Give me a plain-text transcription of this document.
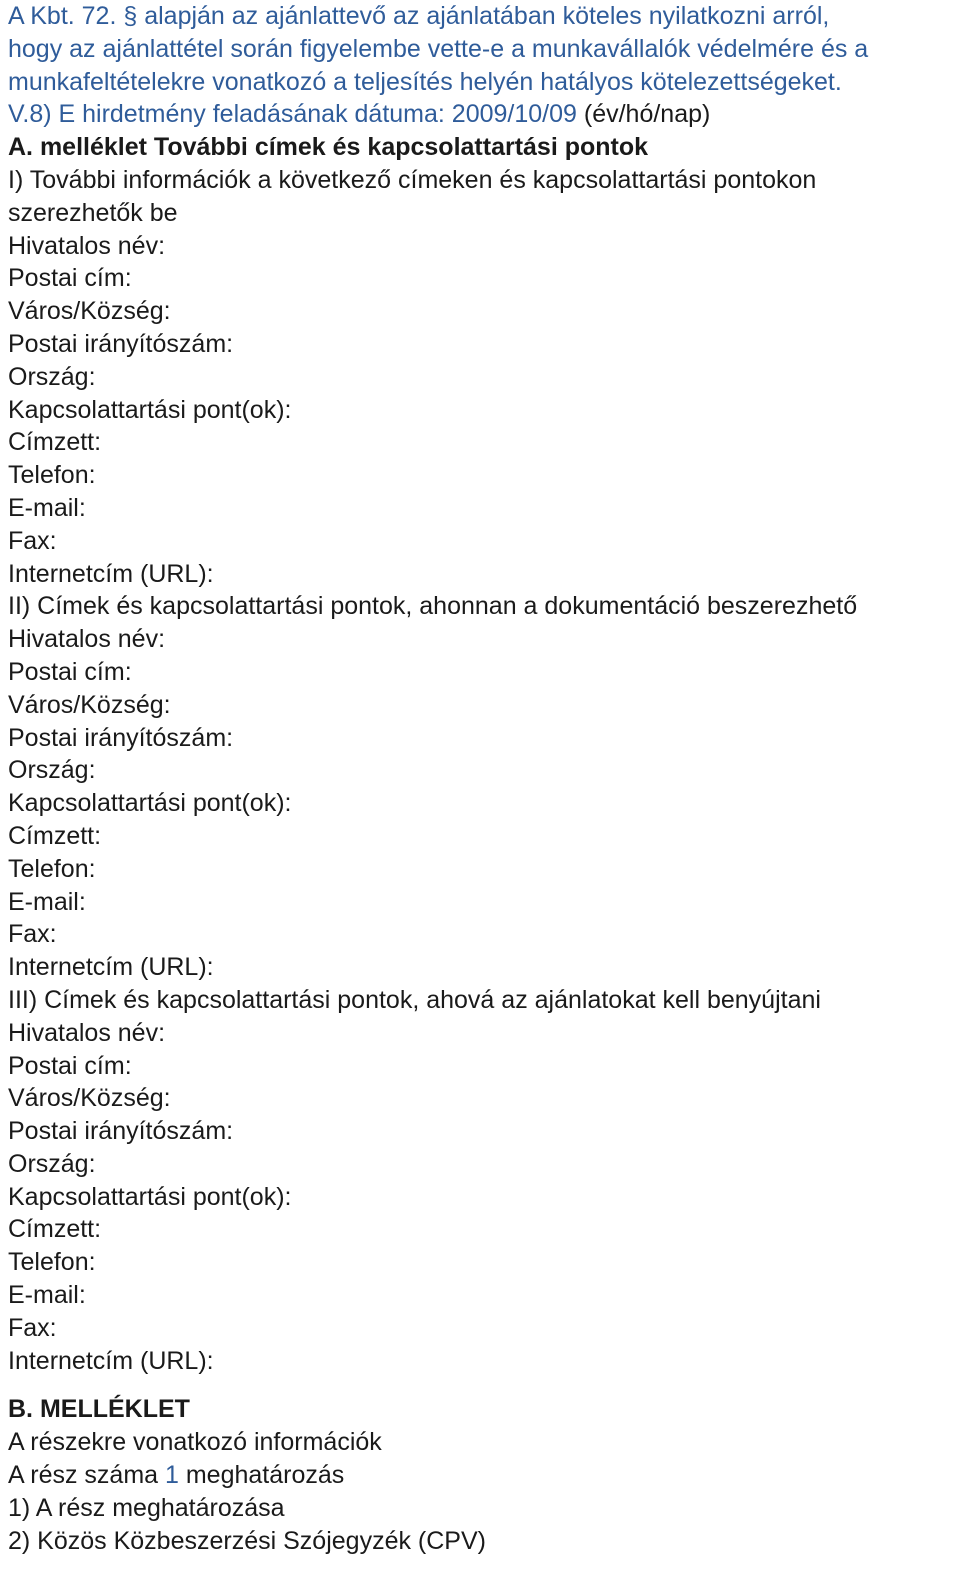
A Kbt. 72. § alapján az ajánlattevő az ajánlatában köteles nyilatkozni arról,
hogy az ajánlattétel során figyelembe vette-e a munkavállalók védelmére és a
munkafeltételekre vonatkozó a teljesítés helyén hatályos kötelezettségeket.
V.8) E hirdetmény feladásának dátuma: 2009/10/09 (év/hó/nap)
A. melléklet További címek és kapcsolattartási pontok
I) További információk a következő címeken és kapcsolattartási pontokon
szerezhetők be
Hivatalos név:
Postai cím:
Város/Község:
Postai irányítószám:
Ország:
Kapcsolattartási pont(ok):
Címzett:
Telefon:
E-mail:
Fax:
Internetcím (URL):
II) Címek és kapcsolattartási pontok, ahonnan a dokumentáció beszerezhető
Hivatalos név:
Postai cím:
Város/Község:
Postai irányítószám:
Ország:
Kapcsolattartási pont(ok):
Címzett:
Telefon:
E-mail:
Fax:
Internetcím (URL):
III) Címek és kapcsolattartási pontok, ahová az ajánlatokat kell benyújtani
Hivatalos név:
Postai cím:
Város/Község:
Postai irányítószám:
Ország:
Kapcsolattartási pont(ok):
Címzett:
Telefon:
E-mail:
Fax:
Internetcím (URL):
B. MELLÉKLET
A részekre vonatkozó információk
A rész száma 1 meghatározás
1) A rész meghatározása
2) Közös Közbeszerzési Szójegyzék (CPV)
